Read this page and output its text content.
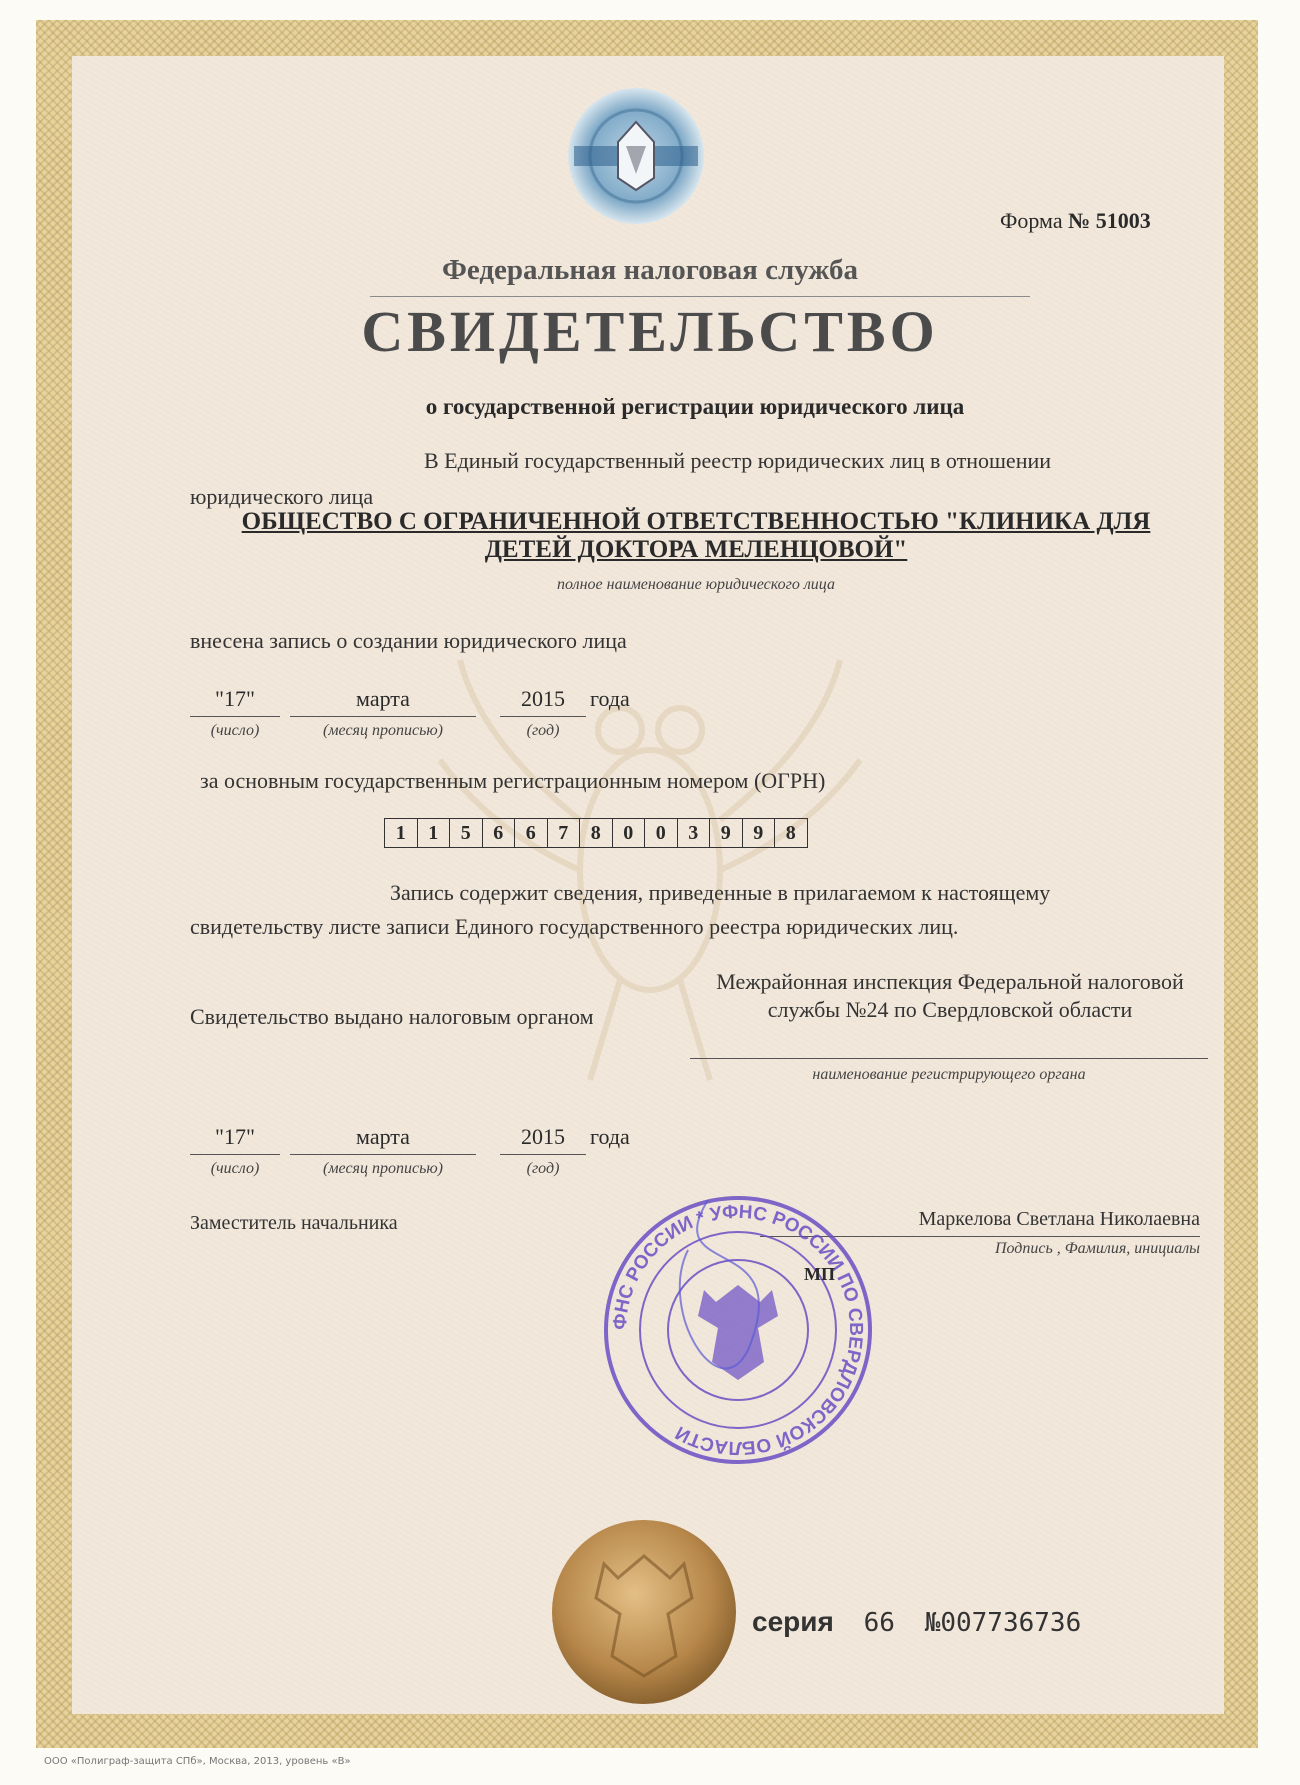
Форма № 51003
Федеральная налоговая служба
СВИДЕТЕЛЬСТВО
о государственной регистрации юридического лица
В Единый государственный реестр юридических лиц в отношении
юридического лица
ОБЩЕСТВО С ОГРАНИЧЕННОЙ ОТВЕТСТВЕННОСТЬЮ "КЛИНИКА ДЛЯ ДЕТЕЙ ДОКТОРА МЕЛЕНЦОВОЙ"
полное наименование юридического лица
внесена запись о создании юридического лица
"17"	марта	2015	года
(число)	(месяц прописью)	(год)
за основным государственным регистрационным номером (ОГРН)
1	1	5	6	6	7	8	0	0	3	9	9	8
Запись содержит сведения, приведенные в прилагаемом к настоящему
свидетельству листе записи Единого государственного реестра юридических лиц.
Свидетельство выдано налоговым органом
Межрайонная инспекция Федеральной налоговой службы №24 по Свердловской области
наименование регистрирующего органа
"17"	марта	2015	года
(число)	(месяц прописью)	(год)
Заместитель начальника	Маркелова Светлана Николаевна
Подпись , Фамилия, инициалы
ФНС РОССИИ * УФНС РОССИИ ПО СВЕРДЛОВСКОЙ ОБЛАСТИ
МП
серия 66 №007736736
ООО «Полиграф-защита СПб», Москва, 2013, уровень «В»
